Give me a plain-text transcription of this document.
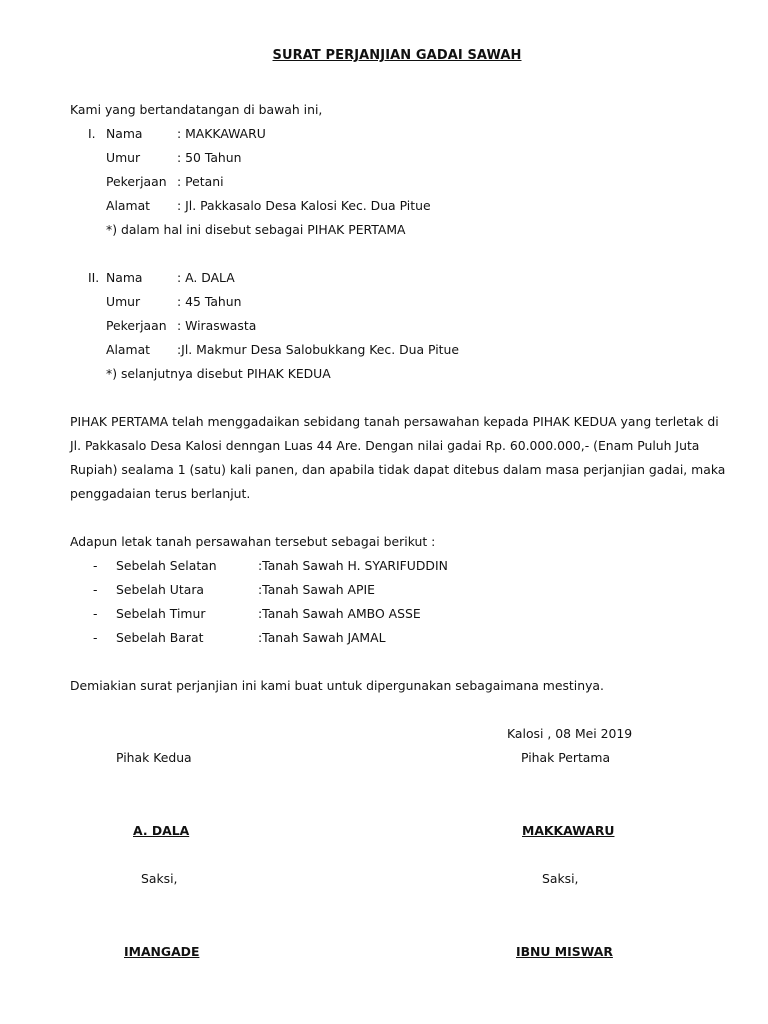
SURAT PERJANJIAN GADAI SAWAH
Kami yang bertandatangan di bawah ini,
I. Nama	: MAKKAWARU
Umur	: 50 Tahun
Pekerjaan : Petani
Alamat : Jl. Pakkasalo Desa Kalosi Kec. Dua Pitue
*) dalam hal ini disebut sebagai PIHAK PERTAMA
II. Nama	: A. DALA
Umur	: 45 Tahun
Pekerjaan : Wiraswasta
Alamat :Jl. Makmur Desa Salobukkang Kec. Dua Pitue
*) selanjutnya disebut PIHAK KEDUA
PIHAK PERTAMA telah menggadaikan sebidang tanah persawahan kepada PIHAK KEDUA yang terletak di
Jl. Pakkasalo Desa Kalosi denngan Luas 44 Are. Dengan nilai gadai Rp. 60.000.000,- (Enam Puluh Juta
Rupiah) sealama 1 (satu) kali panen, dan apabila tidak dapat ditebus dalam masa perjanjian gadai, maka
penggadaian terus berlanjut.
Adapun letak tanah persawahan tersebut sebagai berikut :
- Sebelah Selatan	:Tanah Sawah H. SYARIFUDDIN
- Sebelah Utara	:Tanah Sawah APIE
- Sebelah Timur	:Tanah Sawah AMBO ASSE
- Sebelah Barat	:Tanah Sawah JAMAL
Demiakian surat perjanjian ini kami buat untuk dipergunakan sebagaimana mestinya.
Kalosi , 08 Mei 2019
Pihak Kedua	Pihak Pertama
A. DALA	MAKKAWARU
Saksi,	Saksi,
IMANGADE	IBNU MISWAR
